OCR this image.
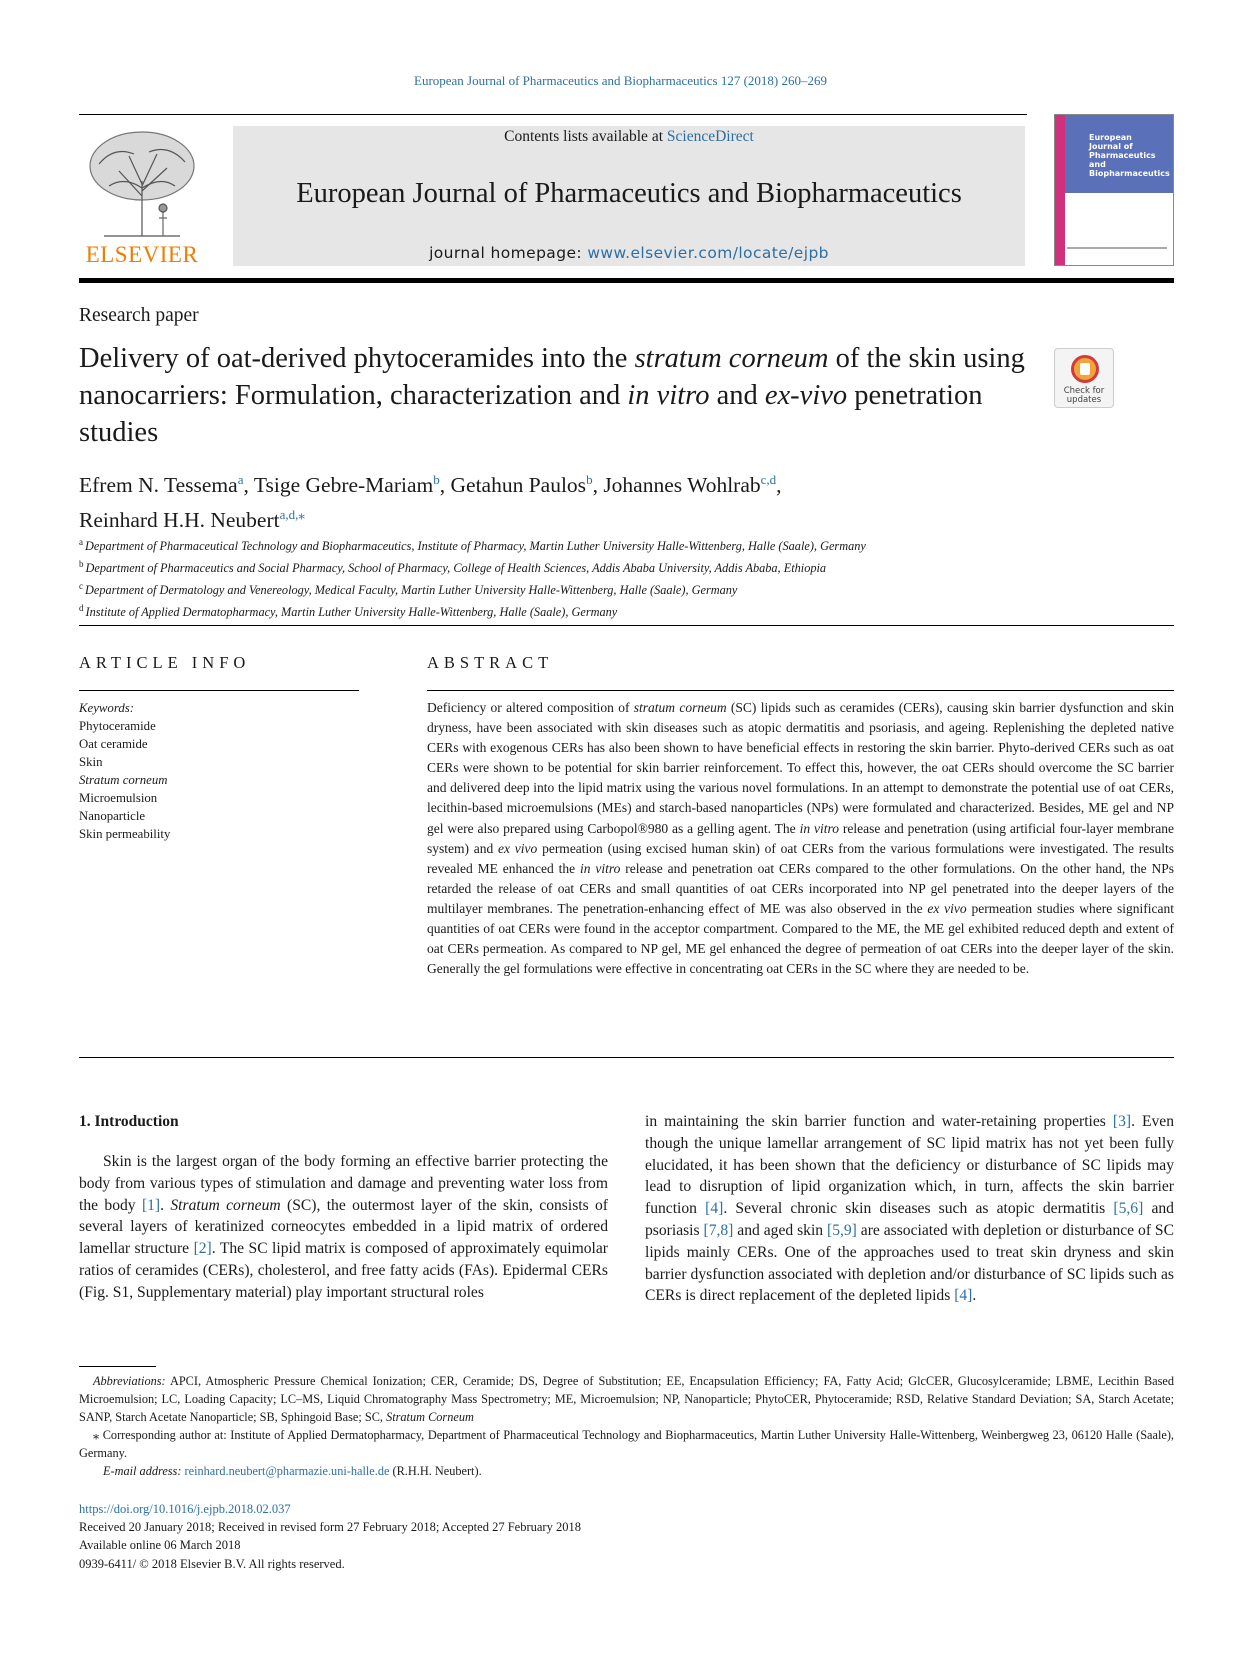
European Journal of Pharmaceutics and Biopharmaceutics 127 (2018) 260–269
ELSEVIER
Contents lists available at ScienceDirect
European Journal of Pharmaceutics and Biopharmaceutics
journal homepage: www.elsevier.com/locate/ejpb
European
Journal of
Pharmaceutics and
Biopharmaceutics
Research paper
Delivery of oat-derived phytoceramides into the stratum corneum of the skin using nanocarriers: Formulation, characterization and in vitro and ex-vivo penetration studies
Check for
updates
Efrem N. Tessema$^a$, Tsige Gebre-Mariam$^b$, Getahun Paulos$^b$, Johannes Wohlrab$^{c,d}$,
Reinhard H.H. Neubert$^{a,d,⁎}$
$^a$ Department of Pharmaceutical Technology and Biopharmaceutics, Institute of Pharmacy, Martin Luther University Halle-Wittenberg, Halle (Saale), Germany
$^b$ Department of Pharmaceutics and Social Pharmacy, School of Pharmacy, College of Health Sciences, Addis Ababa University, Addis Ababa, Ethiopia
$^c$ Department of Dermatology and Venereology, Medical Faculty, Martin Luther University Halle-Wittenberg, Halle (Saale), Germany
$^d$ Institute of Applied Dermatopharmacy, Martin Luther University Halle-Wittenberg, Halle (Saale), Germany
ARTICLE INFO	ABSTRACT
Keywords:
Phytoceramide
Oat ceramide
Skin
Stratum corneum
Microemulsion
Nanoparticle
Skin permeability
Deficiency or altered composition of stratum corneum (SC) lipids such as ceramides (CERs), causing skin barrier dysfunction and skin dryness, have been associated with skin diseases such as atopic dermatitis and psoriasis, and ageing. Replenishing the depleted native CERs with exogenous CERs has also been shown to have beneficial effects in restoring the skin barrier. Phyto-derived CERs such as oat CERs were shown to be potential for skin barrier reinforcement. To effect this, however, the oat CERs should overcome the SC barrier and delivered deep into the lipid matrix using the various novel formulations. In an attempt to demonstrate the potential use of oat CERs, lecithin-based microemulsions (MEs) and starch-based nanoparticles (NPs) were formulated and characterized. Besides, ME gel and NP gel were also prepared using Carbopol®980 as a gelling agent. The in vitro release and penetration (using artificial four-layer membrane system) and ex vivo permeation (using excised human skin) of oat CERs from the various formulations were investigated. The results revealed ME enhanced the in vitro release and penetration oat CERs compared to the other formulations. On the other hand, the NPs retarded the release of oat CERs and small quantities of oat CERs incorporated into NP gel penetrated into the deeper layers of the multilayer membranes. The penetration-enhancing effect of ME was also observed in the ex vivo permeation studies where significant quantities of oat CERs were found in the acceptor compartment. Compared to the ME, the ME gel exhibited reduced depth and extent of oat CERs permeation. As compared to NP gel, ME gel enhanced the degree of permeation of oat CERs into the deeper layer of the skin. Generally the gel formulations were effective in concentrating oat CERs in the SC where they are needed to be.
1. Introduction

Skin is the largest organ of the body forming an effective barrier protecting the body from various types of stimulation and damage and preventing water loss from the body [1]. Stratum corneum (SC), the outermost layer of the skin, consists of several layers of keratinized corneocytes embedded in a lipid matrix of ordered lamellar structure [2]. The SC lipid matrix is composed of approximately equimolar ratios of ceramides (CERs), cholesterol, and free fatty acids (FAs). Epidermal CERs (Fig. S1, Supplementary material) play important structural roles

in maintaining the skin barrier function and water-retaining properties [3]. Even though the unique lamellar arrangement of SC lipid matrix has not yet been fully elucidated, it has been shown that the deficiency or disturbance of SC lipids may lead to disruption of lipid organization which, in turn, affects the skin barrier function [4]. Several chronic skin diseases such as atopic dermatitis [5,6] and psoriasis [7,8] and aged skin [5,9] are associated with depletion or disturbance of SC lipids mainly CERs. One of the approaches used to treat skin dryness and skin barrier dysfunction associated with depletion and/or disturbance of SC lipids such as CERs is direct replacement of the depleted lipids [4].

Abbreviations: APCI, Atmospheric Pressure Chemical Ionization; CER, Ceramide; DS, Degree of Substitution; EE, Encapsulation Efficiency; FA, Fatty Acid; GlcCER, Glucosylceramide; LBME, Lecithin Based Microemulsion; LC, Loading Capacity; LC–MS, Liquid Chromatography Mass Spectrometry; ME, Microemulsion; NP, Nanoparticle; PhytoCER, Phytoceramide; RSD, Relative Standard Deviation; SA, Starch Acetate; SANP, Starch Acetate Nanoparticle; SB, Sphingoid Base; SC, Stratum Corneum

⁎ Corresponding author at: Institute of Applied Dermatopharmacy, Department of Pharmaceutical Technology and Biopharmaceutics, Martin Luther University Halle-Wittenberg, Weinbergweg 23, 06120 Halle (Saale), Germany.

E-mail address: reinhard.neubert@pharmazie.uni-halle.de (R.H.H. Neubert).

https://doi.org/10.1016/j.ejpb.2018.02.037
Received 20 January 2018; Received in revised form 27 February 2018; Accepted 27 February 2018
Available online 06 March 2018
0939-6411/ © 2018 Elsevier B.V. All rights reserved.
